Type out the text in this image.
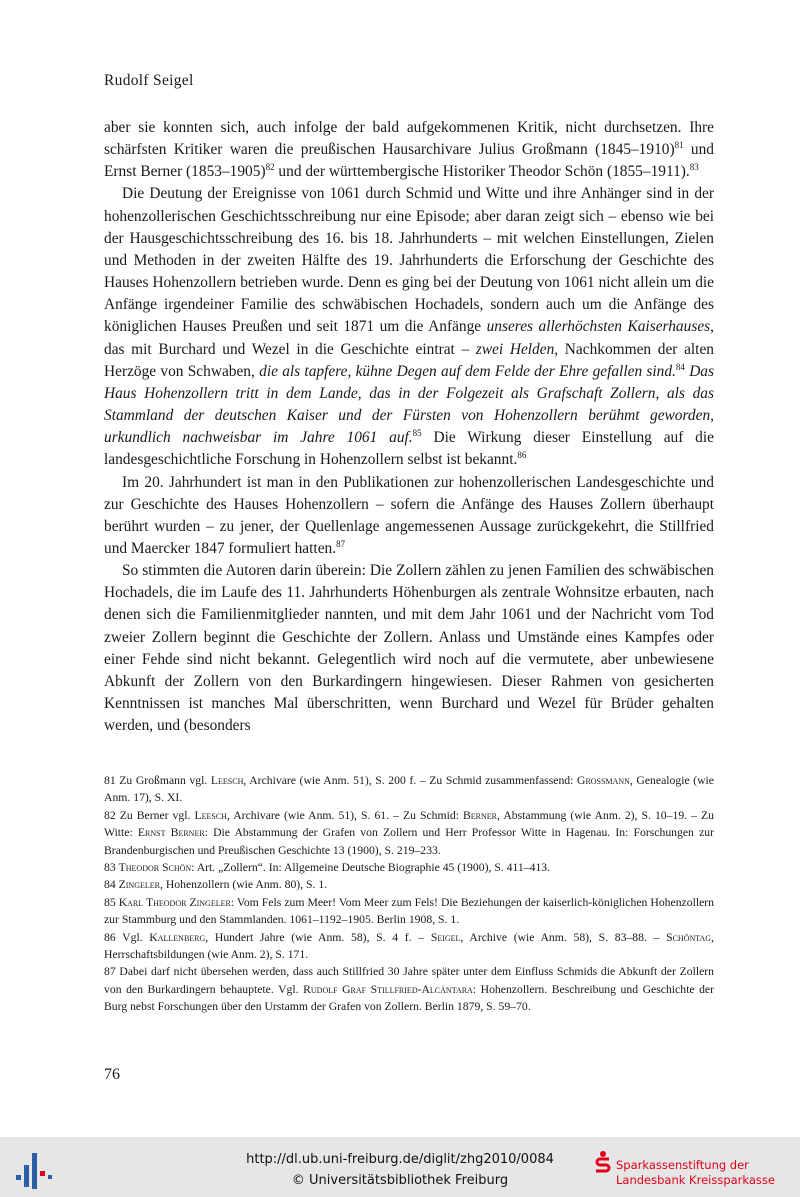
Rudolf Seigel

aber sie konnten sich, auch infolge der bald aufgekommenen Kritik, nicht durchsetzen. Ihre schärfsten Kritiker waren die preußischen Hausarchivare Julius Großmann (1845–1910)$^{81}$ und Ernst Berner (1853–1905)$^{82}$ und der württembergische Historiker Theodor Schön (1855–1911).$^{83}$

Die Deutung der Ereignisse von 1061 durch Schmid und Witte und ihre Anhänger sind in der hohenzollerischen Geschichtsschreibung nur eine Episode; aber daran zeigt sich – ebenso wie bei der Hausgeschichtsschreibung des 16. bis 18. Jahrhunderts – mit welchen Einstellungen, Zielen und Methoden in der zweiten Hälfte des 19. Jahrhunderts die Erforschung der Geschichte des Hauses Hohenzollern betrieben wurde. Denn es ging bei der Deutung von 1061 nicht allein um die Anfänge irgendeiner Familie des schwäbischen Hochadels, sondern auch um die Anfänge des königlichen Hauses Preußen und seit 1871 um die Anfänge unseres allerhöchsten Kaiserhauses, das mit Burchard und Wezel in die Geschichte eintrat – zwei Helden, Nachkommen der alten Herzöge von Schwaben, die als tapfere, kühne Degen auf dem Felde der Ehre gefallen sind.$^{84}$ Das Haus Hohenzollern tritt in dem Lande, das in der Folgezeit als Grafschaft Zollern, als das Stammland der deutschen Kaiser und der Fürsten von Hohenzollern berühmt geworden, urkundlich nachweisbar im Jahre 1061 auf.$^{85}$ Die Wirkung dieser Einstellung auf die landesgeschichtliche Forschung in Hohenzollern selbst ist bekannt.$^{86}$

Im 20. Jahrhundert ist man in den Publikationen zur hohenzollerischen Landesgeschichte und zur Geschichte des Hauses Hohenzollern – sofern die Anfänge des Hauses Zollern überhaupt berührt wurden – zu jener, der Quellenlage angemessenen Aussage zurückgekehrt, die Stillfried und Maercker 1847 formuliert hatten.$^{87}$

So stimmten die Autoren darin überein: Die Zollern zählen zu jenen Familien des schwäbischen Hochadels, die im Laufe des 11. Jahrhunderts Höhenburgen als zentrale Wohnsitze erbauten, nach denen sich die Familienmitglieder nannten, und mit dem Jahr 1061 und der Nachricht vom Tod zweier Zollern beginnt die Geschichte der Zollern. Anlass und Umstände eines Kampfes oder einer Fehde sind nicht bekannt. Gelegentlich wird noch auf die vermutete, aber unbewiesene Abkunft der Zollern von den Burkardingern hingewiesen. Dieser Rahmen von gesicherten Kenntnissen ist manches Mal überschritten, wenn Burchard und Wezel für Brüder gehalten werden, und (besonders

81 Zu Großmann vgl. Leesch, Archivare (wie Anm. 51), S. 200 f. – Zu Schmid zusammenfassend: Großmann, Genealogie (wie Anm. 17), S. XI.

82 Zu Berner vgl. Leesch, Archivare (wie Anm. 51), S. 61. – Zu Schmid: Berner, Abstammung (wie Anm. 2), S. 10–19. – Zu Witte: Ernst Berner: Die Abstammung der Grafen von Zollern und Herr Professor Witte in Hagenau. In: Forschungen zur Brandenburgischen und Preußischen Geschichte 13 (1900), S. 219–233.

83 Theodor Schön: Art. „Zollern“. In: Allgemeine Deutsche Biographie 45 (1900), S. 411–413.

84 Zingeler, Hohenzollern (wie Anm. 80), S. 1.

85 Karl Theodor Zingeler: Vom Fels zum Meer! Vom Meer zum Fels! Die Beziehungen der kaiserlich-königlichen Hohenzollern zur Stammburg und den Stammlanden. 1061–1192–1905. Berlin 1908, S. 1.

86 Vgl. Kallenberg, Hundert Jahre (wie Anm. 58), S. 4 f. – Seigel, Archive (wie Anm. 58), S. 83–88. – Schöntag, Herrschaftsbildungen (wie Anm. 2), S. 171.

87 Dabei darf nicht übersehen werden, dass auch Stillfried 30 Jahre später unter dem Einfluss Schmids die Abkunft der Zollern von den Burkardingern behauptete. Vgl. Rudolf Graf Stillfried-Alcántara: Hohenzollern. Beschreibung und Geschichte der Burg nebst Forschungen über den Urstamm der Grafen von Zollern. Berlin 1879, S. 59–70.

76
http://dl.ub.uni-freiburg.de/diglit/zhg2010/0084
© Universitätsbibliothek Freiburg
Sparkassenstiftung der
Landesbank Kreissparkasse
